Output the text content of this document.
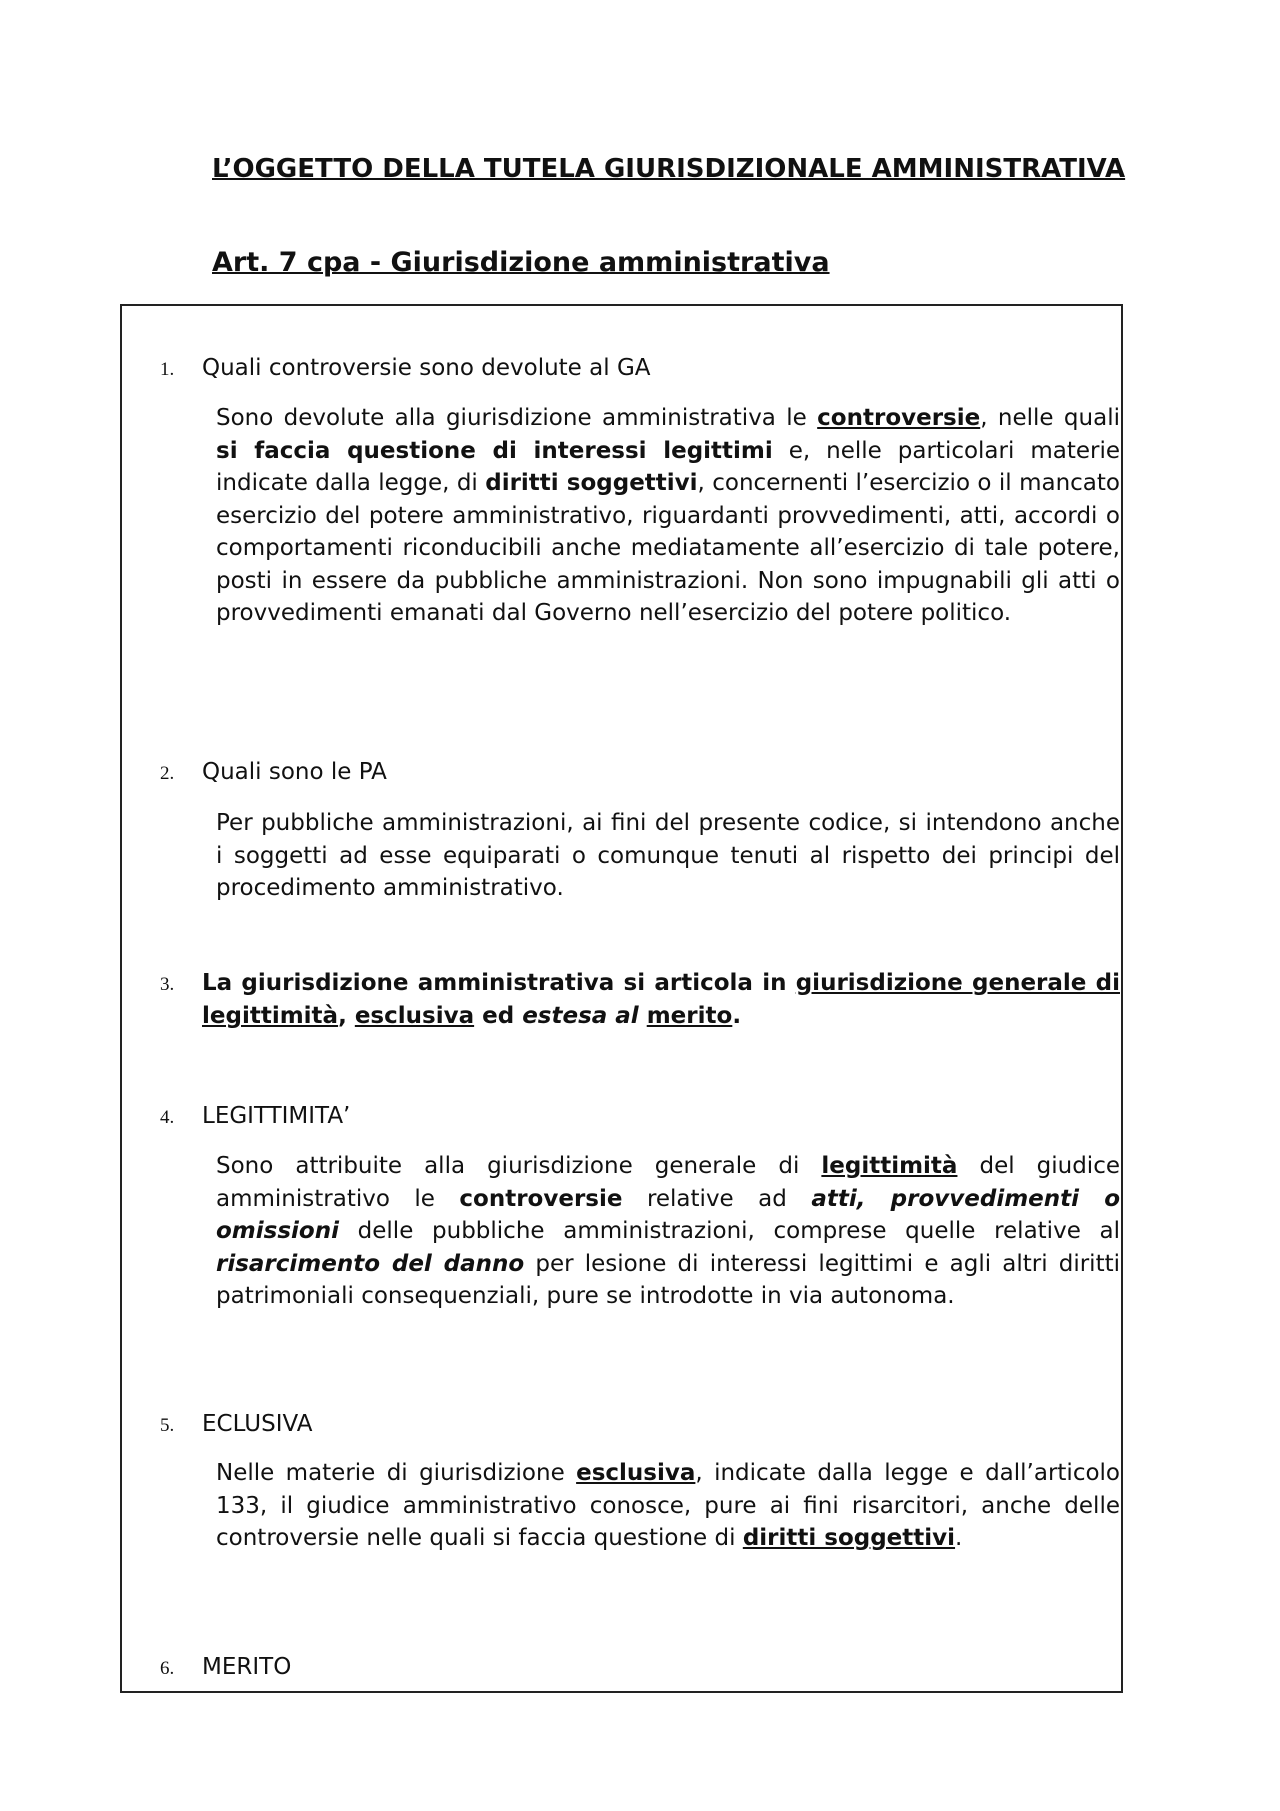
L’OGGETTO DELLA TUTELA GIURISDIZIONALE AMMINISTRATIVA
Art. 7 cpa - Giurisdizione amministrativa
1. Quali controversie sono devolute al GA

Sono devolute alla giurisdizione amministrativa le controversie, nelle quali si faccia questione di interessi legittimi e, nelle particolari materie indicate dalla legge, di diritti soggettivi, concernenti l’esercizio o il mancato esercizio del potere amministrativo, riguardanti provvedimenti, atti, accordi o comportamenti riconducibili anche mediatamente all’esercizio di tale potere, posti in essere da pubbliche amministrazioni. Non sono impugnabili gli atti o provvedimenti emanati dal Governo nell’esercizio del potere politico.

2. Quali sono le PA

Per pubbliche amministrazioni, ai fini del presente codice, si intendono anche i soggetti ad esse equiparati o comunque tenuti al rispetto dei principi del procedimento amministrativo.

3. La giurisdizione amministrativa si articola in giurisdizione generale di legittimità, esclusiva ed estesa al merito.
4. LEGITTIMITA’

Sono attribuite alla giurisdizione generale di legittimità del giudice amministrativo le controversie relative ad atti, provvedimenti o omissioni delle pubbliche amministrazioni, comprese quelle relative al risarcimento del danno per lesione di interessi legittimi e agli altri diritti patrimoniali consequenziali, pure se introdotte in via autonoma.

5. ECLUSIVA

Nelle materie di giurisdizione esclusiva, indicate dalla legge e dall’articolo 133, il giudice amministrativo conosce, pure ai fini risarcitori, anche delle controversie nelle quali si faccia questione di diritti soggettivi.

6. MERITO
